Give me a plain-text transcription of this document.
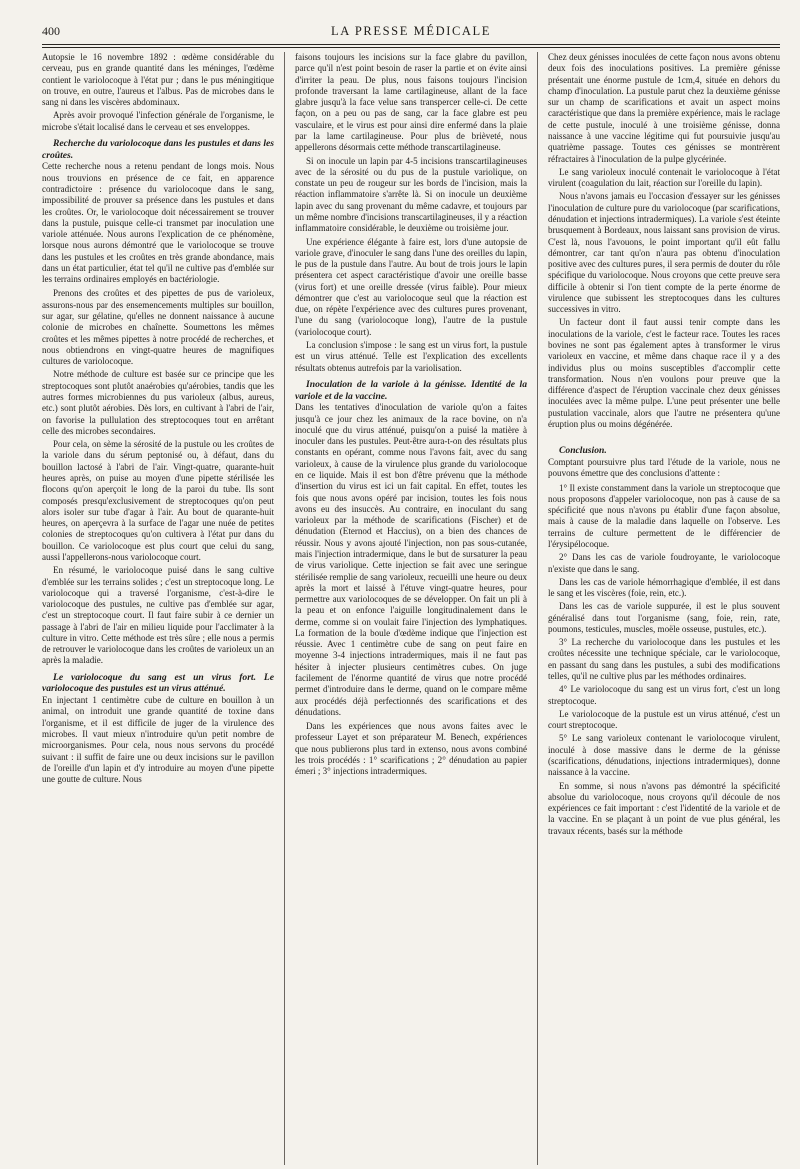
400	LA PRESSE MÉDICALE

Autopsie le 16 novembre 1892 : œdème considérable du cerveau, pus en grande quantité dans les méninges, l'œdème contient le variolocoque à l'état pur ; dans le pus méningitique on trouve, en outre, l'aureus et l'albus. Pas de microbes dans le sang ni dans les viscères abdominaux.

Après avoir provoqué l'infection générale de l'organisme, le microbe s'était localisé dans le cerveau et ses enveloppes.

Recherche du variolocoque dans les pustules et dans les croûtes.

Cette recherche nous a retenu pendant de longs mois. Nous nous trouvions en présence de ce fait, en apparence contradictoire : présence du variolocoque dans le sang, impossibilité de prouver sa présence dans les pustules et dans les croûtes. Or, le variolocoque doit nécessairement se trouver dans la pustule, puisque celle-ci transmet par inoculation une variole atténuée. Nous aurons l'explication de ce phénomène, lorsque nous aurons démontré que le variolocoque se trouve dans les pustules et les croûtes en très grande abondance, mais dans un état particulier, état tel qu'il ne cultive pas d'emblée sur les terrains ordinaires employés en bactériologie.

Prenons des croûtes et des pipettes de pus de varioleux, assurons-nous par des ensemencements multiples sur bouillon, sur agar, sur gélatine, qu'elles ne donnent naissance à aucune colonie de microbes en chaînette. Soumettons les mêmes croûtes et les mêmes pipettes à notre procédé de recherches, et nous obtiendrons en vingt-quatre heures de magnifiques cultures de variolocoque.

Notre méthode de culture est basée sur ce principe que les streptocoques sont plutôt anaérobies qu'aérobies, tandis que les autres formes microbiennes du pus varioleux (albus, aureus, etc.) sont plutôt aérobies. Dès lors, en cultivant à l'abri de l'air, on favorise la pullulation des streptocoques tout en arrêtant celle des microbes secondaires.

Pour cela, on sème la sérosité de la pustule ou les croûtes de la variole dans du sérum peptonisé ou, à défaut, dans du bouillon lactosé à l'abri de l'air. Vingt-quatre, quarante-huit heures après, on puise au moyen d'une pipette stérilisée les flocons qu'on aperçoit le long de la paroi du tube. Ils sont composés presqu'exclusivement de streptocoques qu'on peut alors isoler sur tube d'agar à l'air. Au bout de quarante-huit heures, on aperçevra à la surface de l'agar une nuée de petites colonies de streptocoques qu'on cultivera à l'état pur dans du bouillon. Ce variolocoque est plus court que celui du sang, aussi l'appellerons-nous variolocoque court.

En résumé, le variolocoque puisé dans le sang cultive d'emblée sur les terrains solides ; c'est un streptocoque long. Le variolocoque qui a traversé l'organisme, c'est-à-dire le variolocoque des pustules, ne cultive pas d'emblée sur agar, c'est un streptocoque court. Il faut faire subir à ce dernier un passage à l'abri de l'air en milieu liquide pour l'acclimater à la culture in vitro. Cette méthode est très sûre ; elle nous a permis de retrouver le variolocoque dans les croûtes de varioleux un an après la maladie.

Le variolocoque du sang est un virus fort. Le variolocoque des pustules est un virus atténué.

En injectant 1 centimètre cube de culture en bouillon à un animal, on introduit une grande quantité de toxine dans l'organisme, et il est difficile de juger de la virulence des microbes. Il vaut mieux n'introduire qu'un petit nombre de microorganismes. Pour cela, nous nous servons du procédé suivant : il suffit de faire une ou deux incisions sur le pavillon de l'oreille d'un lapin et d'y introduire au moyen d'une pipette une goutte de culture. Nous

faisons toujours les incisions sur la face glabre du pavillon, parce qu'il n'est point besoin de raser la partie et on évite ainsi d'irriter la peau. De plus, nous faisons toujours l'incision profonde traversant la lame cartilagineuse, allant de la face glabre jusqu'à la face velue sans transpercer celle-ci. De cette façon, on a peu ou pas de sang, car la face glabre est peu vasculaire, et le virus est pour ainsi dire enfermé dans la plaie par la lame cartilagineuse. Pour plus de brièveté, nous appellerons désormais cette méthode transcartilagineuse.

Si on inocule un lapin par 4-5 incisions transcartilagineuses avec de la sérosité ou du pus de la pustule variolique, on constate un peu de rougeur sur les bords de l'incision, mais la réaction inflammatoire s'arrête là. Si on inocule un deuxième lapin avec du sang provenant du même cadavre, et toujours par un même nombre d'incisions transcartilagineuses, il y a réaction inflammatoire considérable, le deuxième ou troisième jour.

Une expérience élégante à faire est, lors d'une autopsie de variole grave, d'inoculer le sang dans l'une des oreilles du lapin, le pus de la pustule dans l'autre. Au bout de trois jours le lapin présentera cet aspect caractéristique d'avoir une oreille basse (virus fort) et une oreille dressée (virus faible). Pour mieux démontrer que c'est au variolocoque seul que la réaction est due, on répète l'expérience avec des cultures pures provenant, l'une du sang (variolocoque long), l'autre de la pustule (variolocoque court).

La conclusion s'impose : le sang est un virus fort, la pustule est un virus atténué. Telle est l'explication des excellents résultats obtenus autrefois par la variolisation.

Inoculation de la variole à la génisse. Identité de la variole et de la vaccine.

Dans les tentatives d'inoculation de variole qu'on a faites jusqu'à ce jour chez les animaux de la race bovine, on n'a inoculé que du virus atténué, puisqu'on a puisé la matière à inoculer dans les pustules. Peut-être aura-t-on des résultats plus constants en opérant, comme nous l'avons fait, avec du sang varioleux, à cause de la virulence plus grande du variolocoque en ce liquide. Mais il est bon d'être prévenu que la méthode d'insertion du virus est ici un fait capital. En effet, toutes les fois que nous avons opéré par incision, toutes les fois nous avons eu des insuccès. Au contraire, en inoculant du sang varioleux par la méthode de scarifications (Fischer) et de dénudation (Eternod et Haccius), on a bien des chances de réussir. Nous y avons ajouté l'injection, non pas sous-cutanée, mais l'injection intradermique, dans le but de sursaturer la peau de virus variolique. Cette injection se fait avec une seringue stérilisée remplie de sang varioleux, recueilli une heure ou deux après la mort et laissé à l'étuve vingt-quatre heures, pour permettre aux variolocoques de se développer. On fait un pli à la peau et on enfonce l'aiguille longitudinalement dans le derme, comme si on voulait faire l'injection des lymphatiques. La formation de la boule d'œdème indique que l'injection est réussie. Avec 1 centimètre cube de sang on peut faire en moyenne 3-4 injections intradermiques, mais il ne faut pas hésiter à injecter plusieurs centimètres cubes. On juge facilement de l'énorme quantité de virus que notre procédé permet d'introduire dans le derme, quand on le compare même aux procédés déjà perfectionnés des scarifications et des dénudations.

Dans les expériences que nous avons faites avec le professeur Layet et son préparateur M. Benech, expériences que nous publierons plus tard in extenso, nous avons combiné les trois procédés : 1° scarifications ; 2° dénudation au papier émeri ; 3° injections intradermiques.

Chez deux génisses inoculées de cette façon nous avons obtenu deux fois des inoculations positives. La première génisse présentait une énorme pustule de 1cm,4, située en dehors du champ d'inoculation. La pustule parut chez la deuxième génisse sur un champ de scarifications et avait un aspect moins caractéristique que dans la première expérience, mais le raclage de cette pustule, inoculé à une troisième génisse, donna naissance à une vaccine légitime qui fut poursuivie jusqu'au quatrième passage. Toutes ces génisses se montrèrent réfractaires à l'inoculation de la pulpe glycérinée.

Le sang varioleux inoculé contenait le variolocoque à l'état virulent (coagulation du lait, réaction sur l'oreille du lapin).

Nous n'avons jamais eu l'occasion d'essayer sur les génisses l'inoculation de culture pure du variolocoque (par scarifications, dénudation et injections intradermiques). La variole s'est éteinte brusquement à Bordeaux, nous laissant sans provision de virus. C'est là, nous l'avouons, le point important qu'il eût fallu démontrer, car tant qu'on n'aura pas obtenu d'inoculation positive avec des cultures pures, il sera permis de douter du rôle spécifique du variolocoque. Nous croyons que cette preuve sera difficile à obtenir si l'on tient compte de la perte énorme de virulence que subissent les streptocoques dans les cultures successives in vitro.

Un facteur dont il faut aussi tenir compte dans les inoculations de la variole, c'est le facteur race. Toutes les races bovines ne sont pas également aptes à transformer le virus varioleux en vaccine, et même dans chaque race il y a des individus plus ou moins susceptibles d'accomplir cette transformation. Nous n'en voulons pour preuve que la différence d'aspect de l'éruption vaccinale chez deux génisses inoculées avec la même pulpe. L'une peut présenter une belle pustulation vaccinale, alors que l'autre ne présentera qu'une éruption plus ou moins dégénérée.

Conclusion.

Comptant poursuivre plus tard l'étude de la variole, nous ne pouvons émettre que des conclusions d'attente :

1° Il existe constamment dans la variole un streptocoque que nous proposons d'appeler variolocoque, non pas à cause de sa spécificité que nous n'avons pu établir d'une façon absolue, mais à cause de la maladie dans laquelle on l'observe. Les terrains de culture permettent de le différencier de l'érysipélocoque.

2° Dans les cas de variole foudroyante, le variolocoque n'existe que dans le sang.

Dans les cas de variole hémorrhagique d'emblée, il est dans le sang et les viscères (foie, rein, etc.).

Dans les cas de variole suppurée, il est le plus souvent généralisé dans tout l'organisme (sang, foie, rein, rate, poumons, testicules, muscles, moële osseuse, pustules, etc.).

3° La recherche du variolocoque dans les pustules et les croûtes nécessite une technique spéciale, car le variolocoque, en passant du sang dans les pustules, a subi des modifications telles, qu'il ne cultive plus par les méthodes ordinaires.

4° Le variolocoque du sang est un virus fort, c'est un long streptocoque.

Le variolocoque de la pustule est un virus atténué, c'est un court streptocoque.

5° Le sang varioleux contenant le variolocoque virulent, inoculé à dose massive dans le derme de la génisse (scarifications, dénudations, injections intradermiques), donne naissance à la vaccine.

En somme, si nous n'avons pas démontré la spécificité absolue du variolocoque, nous croyons qu'il découle de nos expériences ce fait important : c'est l'identité de la variole et de la vaccine. En se plaçant à un point de vue plus général, les travaux récents, basés sur la méthode
